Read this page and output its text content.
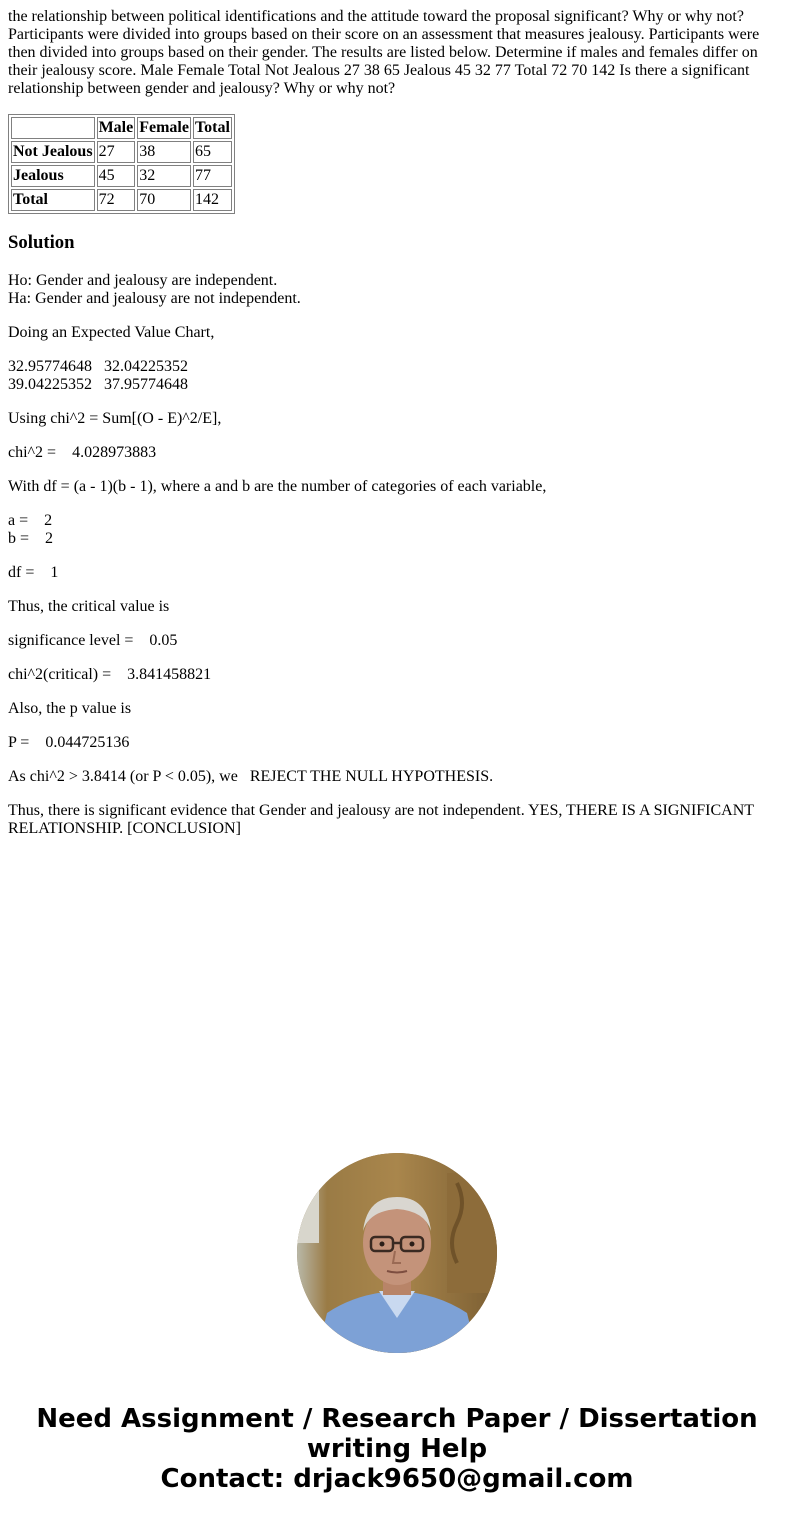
the relationship between political identifications and the attitude toward the proposal significant? Why or why not? Participants were divided into groups based on their score on an assessment that measures jealousy. Participants were then divided into groups based on their gender. The results are listed below. Determine if males and females differ on their jealousy score. Male Female Total Not Jealous 27 38 65 Jealous 45 32 77 Total 72 70 142 Is there a significant relationship between gender and jealousy? Why or why not?
	Male	Female	Total
Not Jealous	27	38	65
Jealous	45	32	77
Total	72	70	142
Solution

Ho: Gender and jealousy are independent.
Ha: Gender and jealousy are not independent.

Doing an Expected Value Chart,

32.95774648   32.04225352
39.04225352   37.95774648

Using chi^2 = Sum[(O - E)^2/E],

chi^2 =    4.028973883

With df = (a - 1)(b - 1), where a and b are the number of categories of each variable,

a =    2
b =    2

df =    1

Thus, the critical value is

significance level =    0.05

chi^2(critical) =    3.841458821

Also, the p value is

P =    0.044725136

As chi^2 > 3.8414 (or P < 0.05), we   REJECT THE NULL HYPOTHESIS.

Thus, there is significant evidence that Gender and jealousy are not independent. YES, THERE IS A SIGNIFICANT RELATIONSHIP. [CONCLUSION]

Need Assignment / Research Paper / Dissertation
writing Help
Contact: drjack9650@gmail.com
